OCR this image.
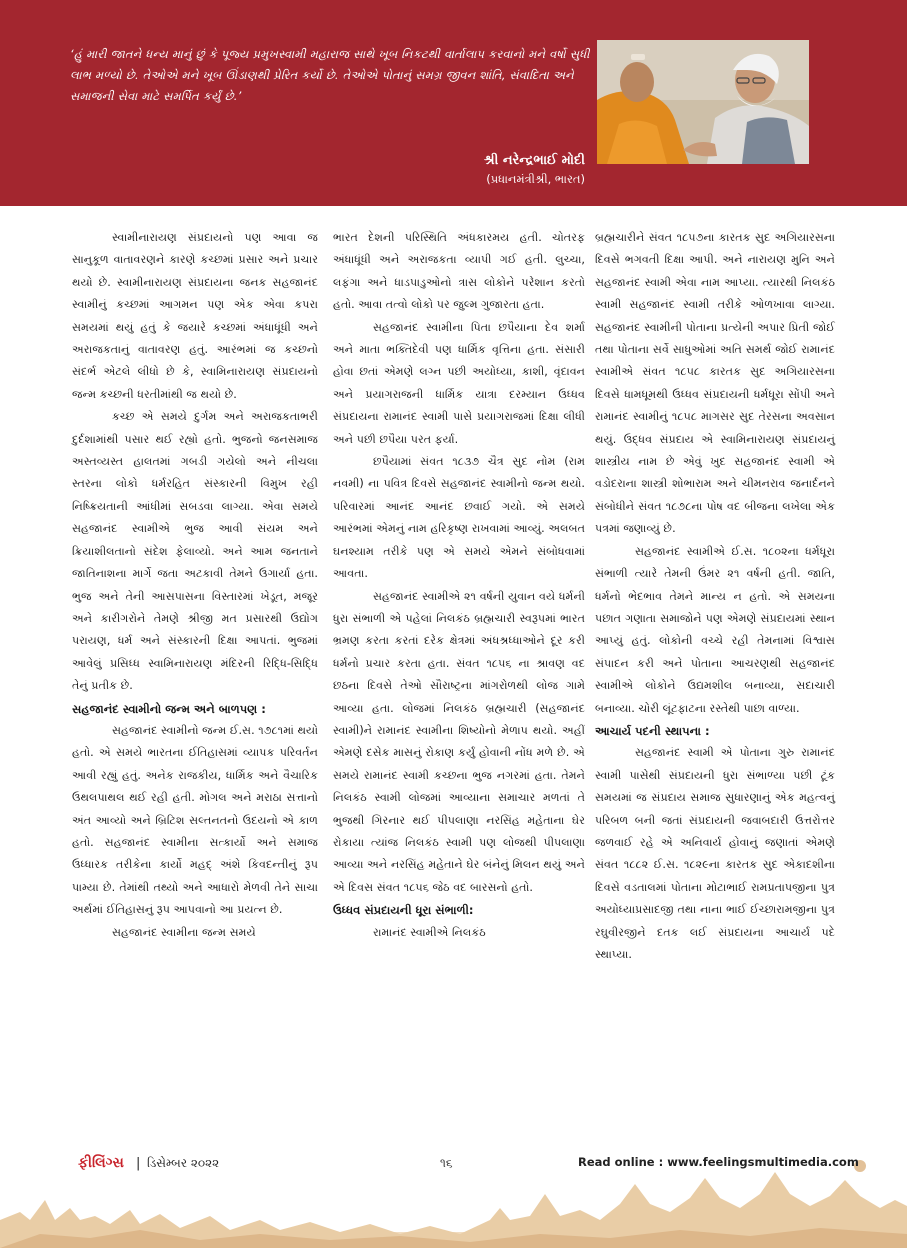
‘હું મારી જાતને ધન્ય માનું છું કે પૂજ્ય પ્રમુખસ્વામી મહારાજ સાથે ખૂબ નિકટથી વાર્તાલાપ કરવાનો મને વર્ષો સુધી લાભ મળ્યો છે. તેઓએ મને ખૂબ ઊંડાણથી પ્રેરિત કર્યો છે. તેઓએ પોતાનું સમગ્ર જીવન શાંતિ, સંવાદિતા અને સમાજની સેવા માટે સમર્પિત કર્યું છે.’
શ્રી નરેન્દ્રભાઈ મોદી
(પ્રધાનમંત્રીશ્રી, ભારત)

સ્વામીનારાયણ સંપ્રદાયનો પણ આવા જ સાનુકૂળ વાતાવરણને કારણે કચ્છમાં પ્રસાર અને પ્રચાર થયો છે. સ્વામીનારાયણ સંપ્રદાયના જનક સહજાનંદ સ્વામીનું કચ્છમાં આગમન પણ એક એવા કપરા સમયમાં થયું હતું કે જયારે કચ્છમાં અંધાધૂંધી અને અરાજકતાનું વાતાવરણ હતું. આરંભમાં જ કચ્છનો સંદર્ભ એટલે લીધો છે કે, સ્વામિનારાયણ સંપ્રદાયનો જન્મ કચ્છની ધરતીમાંથી જ થયો છે.

કચ્છ એ સમયે દુર્ગમ અને અરાજકતાભરી દુર્દશામાંથી પસાર થઈ રહ્યો હતો. ભુજનો જનસમાજ અસ્તવ્યસ્ત હાલતમાં ગબડી ગયેલો અને નીચલા સ્તરના લોકો ધર્મરહિત સંસ્કારની વિમુખ રહી નિષ્ક્રિયતાની આંધીમાં સબડવા લાગ્યા. એવા સમયે સહજાનંદ સ્વામીએ ભુજ આવી સંયમ અને ક્રિયાશીલતાનો સંદેશ ફેલાવ્યો. અને આમ જનતાને જાતિનાશના માર્ગે જતા અટકાવી તેમને ઉગાર્યા હતા. ભુજ અને તેની આસપાસના વિસ્તારમાં ખેડૂત, મજૂર અને કારીગરોને તેમણે શ્રીજી મત પ્રસારથી ઉદ્યોગ પરાયણ, ધર્મ અને સંસ્કારની દિક્ષા આપતાં. ભુજમાં આવેલું પ્રસિધ્ધ સ્વામિનારાયણ મંદિરની રિદ્ધિ-સિદ્ધિ તેનું પ્રતીક છે.

સહજાનંદ સ્વામીનો જન્મ અને બાળપણ :

સહજાનંદ સ્વામીનો જન્મ ઈ.સ. ૧૭૮૧માં થયો હતો. એ સમયે ભારતના ઈતિહાસમાં વ્યાપક પરિવર્તન આવી રહ્યું હતું. અનેક રાજકીય, ધાર્મિક અને વૈચારિક ઉથલપાથલ થઈ રહી હતી. મોગલ અને મરાઠા સત્તાનો અંત આવ્યો અને બ્રિટિશ સલ્તનતનો ઉદયનો એ કાળ હતો. સહજાનંદ સ્વામીના સત્કાર્યો અને સમાજ ઉધ્ધારક તરીકેના કાર્યો મહદ્ અંશે કિવદન્તીનું રૂપ પામ્યા છે. તેમાંથી તથ્યો અને આધારો મેળવી તેને સાચા અર્થમાં ઈતિહાસનું રૂપ આપવાનો આ પ્રયત્ન છે.

સહજાનંદ સ્વામીના જન્મ સમયે

ભારત દેશની પરિસ્થિતિ અંધકારમય હતી. ચોતરફ અંધાધૂંધી અને અરાજકતા વ્યાપી ગઈ હતી. લુચ્ચા, લફંગા અને ધાડપાડુઓનો ત્રાસ લોકોને પરેશાન કરતો હતો. આવા તત્વો લોકો પર જુલ્મ ગુજારતા હતા.

સહજાનંદ સ્વામીના પિતા છપૈયાના દેવ શર્મા અને માતા ભક્તિદેવી પણ ધાર્મિક વૃત્તિના હતા. સંસારી હોવા છતાં એમણે લગ્ન પછી અયોધ્યા, કાશી, વૃંદાવન અને પ્રયાગરાજની ધાર્મિક યાત્રા દરમ્યાન ઉધ્ધવ સંપ્રદાયના રામાનંદ સ્વામી પાસે પ્રયાગરાજમાં દિક્ષા લીધી અને પછી છપૈયા પરત ફર્યા.

છપૈયામાં સંવત ૧૮૩૭ ચૈત્ર સુદ નોમ (રામ નવમી) ના પવિત્ર દિવસે સહજાનંદ સ્વામીનો જન્મ થયો. પરિવારમાં આનંદ આનંદ છવાઈ ગયો. એ સમયે આરંભમાં એમનું નામ હરિકૃષ્ણ રાખવામાં આવ્યું. અલબત ઘનશ્યામ તરીકે પણ એ સમયે એમને સંબોધવામાં આવતા.

સહજાનંદ સ્વામીએ ૨૧ વર્ષની યુવાન વયે ધર્મની ધુરા સંભાળી એ પહેલાં નિલકંઠ બ્રહ્મચારી સ્વરૂપમાં ભારત ભ્રમણ કરતા કરતાં દરેક ક્ષેત્રમાં અંધશ્રધ્ધાઓને દૂર કરી ધર્મનો પ્રચાર કરતા હતા. સંવત ૧૮૫૬ ના શ્રાવણ વદ છઠના દિવસે તેઓ સૌરાષ્ટ્રના માંગરોળથી લોજ ગામે આવ્યા હતા. લોજમાં નિલકંઠ બ્રહ્મચારી (સહજાનંદ સ્વામી)ને રામાનંદ સ્વામીના શિષ્યોનો મેળાપ થયો. અહીં એમણે દસેક માસનું રોકાણ કર્યું હોવાની નોંધ મળે છે. એ સમયે રામાનંદ સ્વામી કચ્છના ભુજ નગરમાં હતા. તેમને નિલકંઠ સ્વામી લોજમાં આવ્યાના સમાચાર મળતાં તે ભુજથી ગિરનાર થઈ પીપલાણા નરસિંહ મહેતાના ઘેર રોકાયા ત્યાંજ નિલકંઠ સ્વામી પણ લોજથી પીપલાણા આવ્યા અને નરસિંહ મહેતાને ઘેર બંનેનું મિલન થયું અને એ દિવસ સંવત ૧૮૫૬ જેઠ વદ બારસનો હતો.

ઉધ્ધવ સંપ્રદાયની ધૂરા સંભાળી:

રામાનંદ સ્વામીએ નિલકંઠ

બ્રહ્મચારીને સંવત ૧૮૫૭ના કારતક સુદ અગિયારસના દિવસે ભગવતી દિક્ષા આપી. અને નારાયણ મુનિ અને સહજાનંદ સ્વામી એવા નામ આપ્યા. ત્યારથી નિલકંઠ સ્વામી સહજાનંદ સ્વામી તરીકે ઓળખાવા લાગ્યા. સહજાનંદ સ્વામીની પોતાના પ્રત્યેની અપાર પ્રિતી જોઈ તથા પોતાના સર્વે સાધુઓમાં અતિ સમર્થ જોઈ રામાનંદ સ્વામીએ સંવત ૧૮૫૮ કારતક સુદ અગિયારસના દિવસે ધામધૂમથી ઉધ્ધવ સંપ્રદાયની ધર્મધૂરા સોંપી અને રામાનંદ સ્વામીનું ૧૮૫૮ માગસર સુદ તેરસના અવસાન થયું. ઉદ્ધવ સંપ્રદાય એ સ્વામિનારાયણ સંપ્રદાયનું શાસ્ત્રીય નામ છે એવું ખુદ સહજાનંદ સ્વામી એ વડોદરાના શાસ્ત્રી શોભારામ અને ચીમનરાવ જનાર્દનને સંબોધીને સંવત ૧૮૭૮ના પોષ વદ બીજના લખેલા એક પત્રમાં જણાવ્યું છે.

સહજાનંદ સ્વામીએ ઈ.સ. ૧૮૦૨ના ધર્મધૂરા સંભાળી ત્યારે તેમની ઉંમર ૨૧ વર્ષની હતી. જાતિ, ધર્મનો ભેદભાવ તેમને માન્ય ન હતો. એ સમયના પછાત ગણાતા સમાજોને પણ એમણે સંપ્રદાયમાં સ્થાન આપ્યું હતું. લોકોની વચ્ચે રહી તેમનામાં વિશ્વાસ સંપાદન કરી અને પોતાના આચરણથી સહજાનંદ સ્વામીએ લોકોને ઉદ્યમશીલ બનાવ્યા, સદાચારી બનાવ્યા. ચોરી લૂંટફાટના રસ્તેથી પાછા વાળ્યા.

આચાર્ય પદની સ્થાપના :

સહજાનંદ સ્વામી એ પોતાના ગુરુ રામાનંદ સ્વામી પાસેથી સંપ્રદાયની ધુરા સંભાળ્યા પછી ટૂંક સમયમાં જ સંપ્રદાય સમાજ સુધારણાનું એક મહત્વનું પરિબળ બની જતાં સંપ્રદાયની જવાબદારી ઉત્તરોત્તર જળવાઈ રહે એ અનિવાર્ય હોવાનું જણાતાં એમણે સંવત ૧૮૮૨ ઈ.સ. ૧૮૨૯ના કારતક સુદ એકાદશીના દિવસે વડતાલમાં પોતાના મોટાભાઈ રામપ્રતાપજીના પુત્ર અયોધ્યાપ્રસાદજી તથા નાના ભાઈ ઈચ્છારામજીના પુત્ર રઘુવીરજીને દતક લઈ સંપ્રદાયના આચાર્ય પદે સ્થાપ્યા.

ફીલિંગ્સ | ડિસેમ્બર ૨૦૨૨	૧૬	Read online : www.feelingsmultimedia.com
